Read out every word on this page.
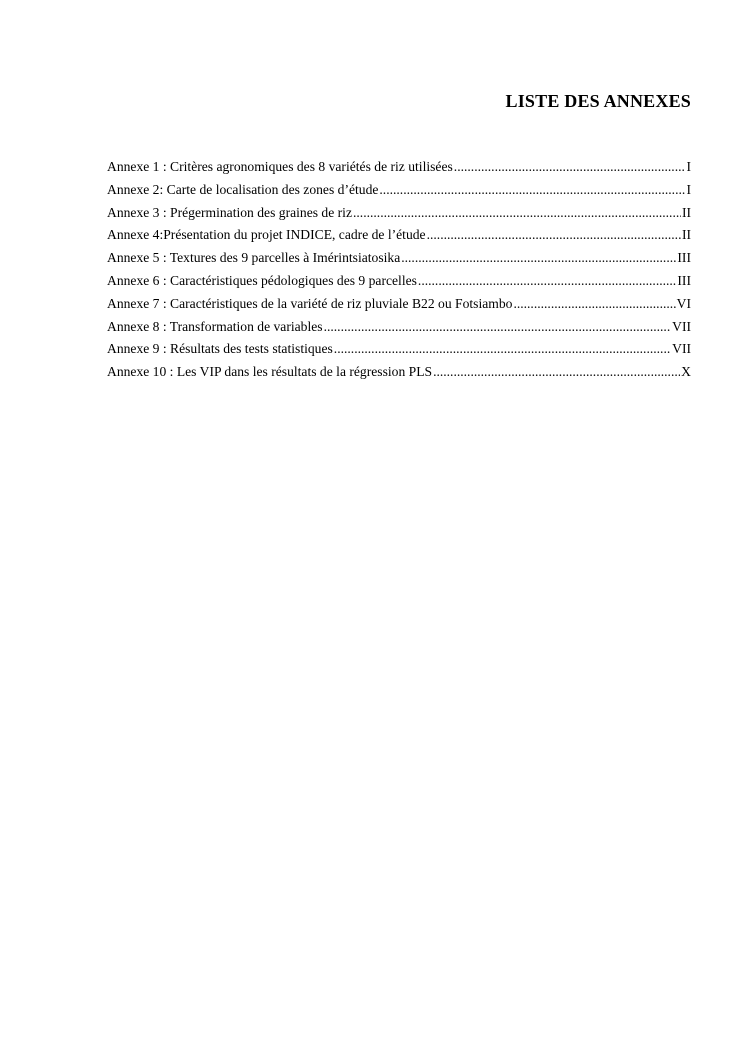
LISTE DES ANNEXES
Annexe 1 : Critères agronomiques des 8 variétés de riz utilisées .....	I
Annexe 2: Carte de localisation des zones d’étude .....	I
Annexe 3 : Prégermination des graines de riz .....	II
Annexe 4:Présentation du projet INDICE, cadre de l’étude .....	II
Annexe 5 : Textures des 9 parcelles à Imérintsiatosika .....	III
Annexe 6 : Caractéristiques pédologiques des 9 parcelles .....	III
Annexe 7 : Caractéristiques de la variété de riz pluviale B22 ou Fotsiambo .....	VI
Annexe 8 : Transformation de variables .....	VII
Annexe 9 : Résultats des tests statistiques .....	VII
Annexe 10 : Les VIP dans les résultats de la régression PLS .....	X
